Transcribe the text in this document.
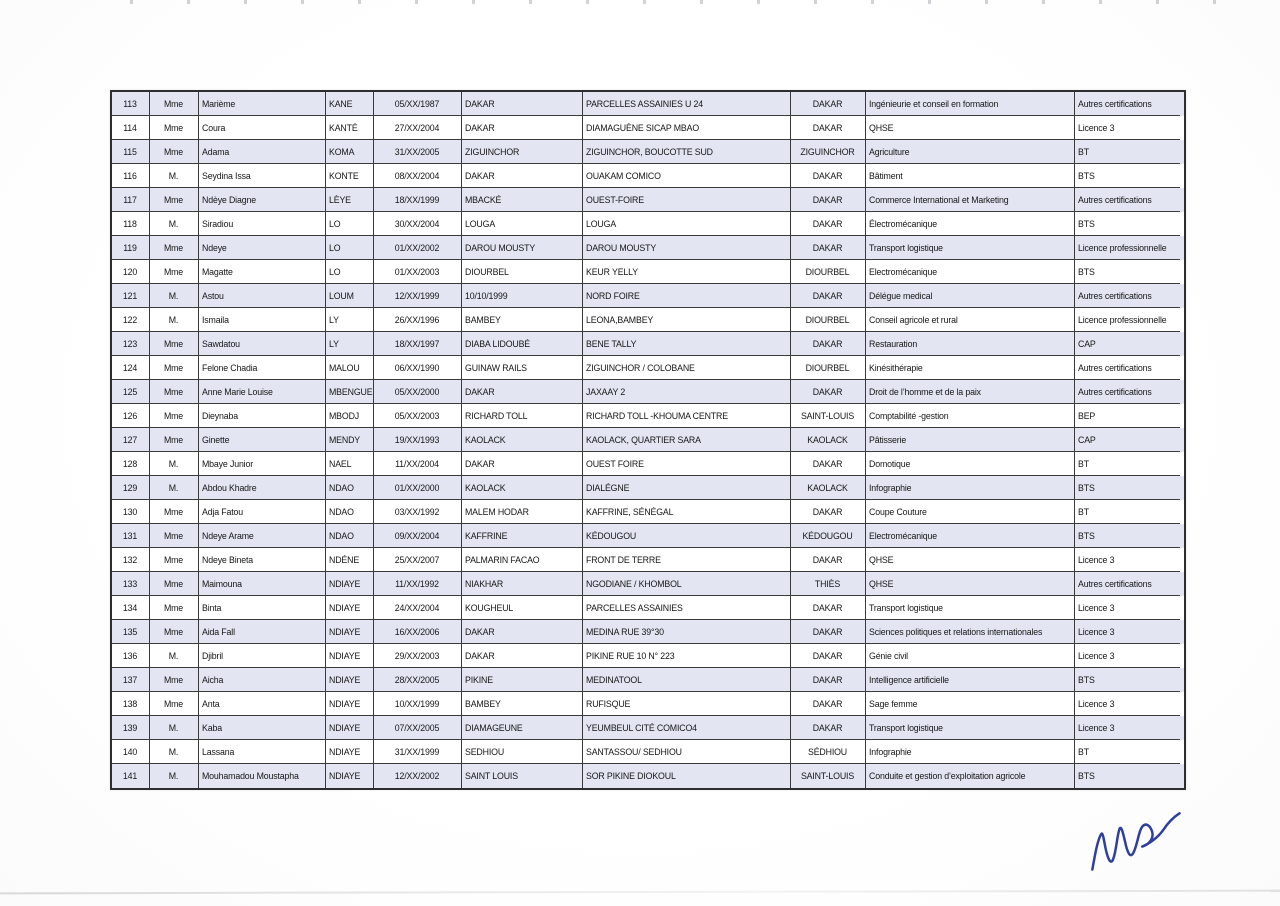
113	Mme	Marième	KANE	05/XX/1987	DAKAR	PARCELLES ASSAINIES U 24	DAKAR	Ingénieurie et conseil en formation	Autres certifications
114	Mme	Coura	KANTÉ	27/XX/2004	DAKAR	DIAMAGUÈNE SICAP MBAO	DAKAR	QHSE	Licence 3
115	Mme	Adama	KOMA	31/XX/2005	ZIGUINCHOR	ZIGUINCHOR, BOUCOTTE SUD	ZIGUINCHOR	Agriculture	BT
116	M.	Seydina Issa	KONTE	08/XX/2004	DAKAR	OUAKAM COMICO	DAKAR	Bâtiment	BTS
117	Mme	Ndèye Diagne	LÈYE	18/XX/1999	MBACKÉ	OUEST-FOIRE	DAKAR	Commerce International et Marketing	Autres certifications
118	M.	Siradiou	LO	30/XX/2004	LOUGA	LOUGA	DAKAR	Électromécanique	BTS
119	Mme	Ndeye	LO	01/XX/2002	DAROU MOUSTY	DAROU MOUSTY	DAKAR	Transport logistique	Licence professionnelle
120	Mme	Magatte	LO	01/XX/2003	DIOURBEL	KEUR YELLY	DIOURBEL	Electromécanique	BTS
121	M.	Astou	LOUM	12/XX/1999	10/10/1999	NORD FOIRE	DAKAR	Délégue medical	Autres certifications
122	M.	Ismaila	LY	26/XX/1996	BAMBEY	LEONA,BAMBEY	DIOURBEL	Conseil agricole et rural	Licence professionnelle
123	Mme	Sawdatou	LY	18/XX/1997	DIABA LIDOUBÉ	BENE TALLY	DAKAR	Restauration	CAP
124	Mme	Felone Chadia	MALOU	06/XX/1990	GUINAW RAILS	ZIGUINCHOR / COLOBANE	DIOURBEL	Kinésithérapie	Autres certifications
125	Mme	Anne Marie Louise	MBENGUE	05/XX/2000	DAKAR	JAXAAY 2	DAKAR	Droit de l’homme et de la paix	Autres certifications
126	Mme	Dieynaba	MBODJ	05/XX/2003	RICHARD TOLL	RICHARD TOLL -KHOUMA CENTRE	SAINT-LOUIS	Comptabilité -gestion	BEP
127	Mme	Ginette	MENDY	19/XX/1993	KAOLACK	KAOLACK, QUARTIER SARA	KAOLACK	Pâtisserie	CAP
128	M.	Mbaye Junior	NAEL	11/XX/2004	DAKAR	OUEST FOIRE	DAKAR	Domotique	BT
129	M.	Abdou Khadre	NDAO	01/XX/2000	KAOLACK	DIALÉGNE	KAOLACK	Infographie	BTS
130	Mme	Adja Fatou	NDAO	03/XX/1992	MALEM HODAR	KAFFRINE, SÉNÉGAL	DAKAR	Coupe Couture	BT
131	Mme	Ndeye Arame	NDAO	09/XX/2004	KAFFRINE	KÉDOUGOU	KÉDOUGOU	Electromécanique	BTS
132	Mme	Ndeye Bineta	NDÉNE	25/XX/2007	PALMARIN FACAO	FRONT DE TERRE	DAKAR	QHSE	Licence 3
133	Mme	Maimouna	NDIAYE	11/XX/1992	NIAKHAR	NGODIANE / KHOMBOL	THIÈS	QHSE	Autres certifications
134	Mme	Binta	NDIAYE	24/XX/2004	KOUGHEUL	PARCELLES ASSAINIES	DAKAR	Transport logistique	Licence 3
135	Mme	Aida Fall	NDIAYE	16/XX/2006	DAKAR	MEDINA RUE 39°30	DAKAR	Sciences politiques et relations internationales	Licence 3
136	M.	Djibril	NDIAYE	29/XX/2003	DAKAR	PIKINE RUE 10 N° 223	DAKAR	Génie civil	Licence 3
137	Mme	Aicha	NDIAYE	28/XX/2005	PIKINE	MEDINATOOL	DAKAR	Intelligence artificielle	BTS
138	Mme	Anta	NDIAYE	10/XX/1999	BAMBEY	RUFISQUE	DAKAR	Sage femme	Licence 3
139	M.	Kaba	NDIAYE	07/XX/2005	DIAMAGEUNE	YEUMBEUL CITÉ COMICO4	DAKAR	Transport logistique	Licence 3
140	M.	Lassana	NDIAYE	31/XX/1999	SEDHIOU	SANTASSOU/ SEDHIOU	SÉDHIOU	Infographie	BT
141	M.	Mouhamadou Moustapha	NDIAYE	12/XX/2002	SAINT LOUIS	SOR PIKINE DIOKOUL	SAINT-LOUIS	Conduite et gestion d’exploitation agricole	BTS
